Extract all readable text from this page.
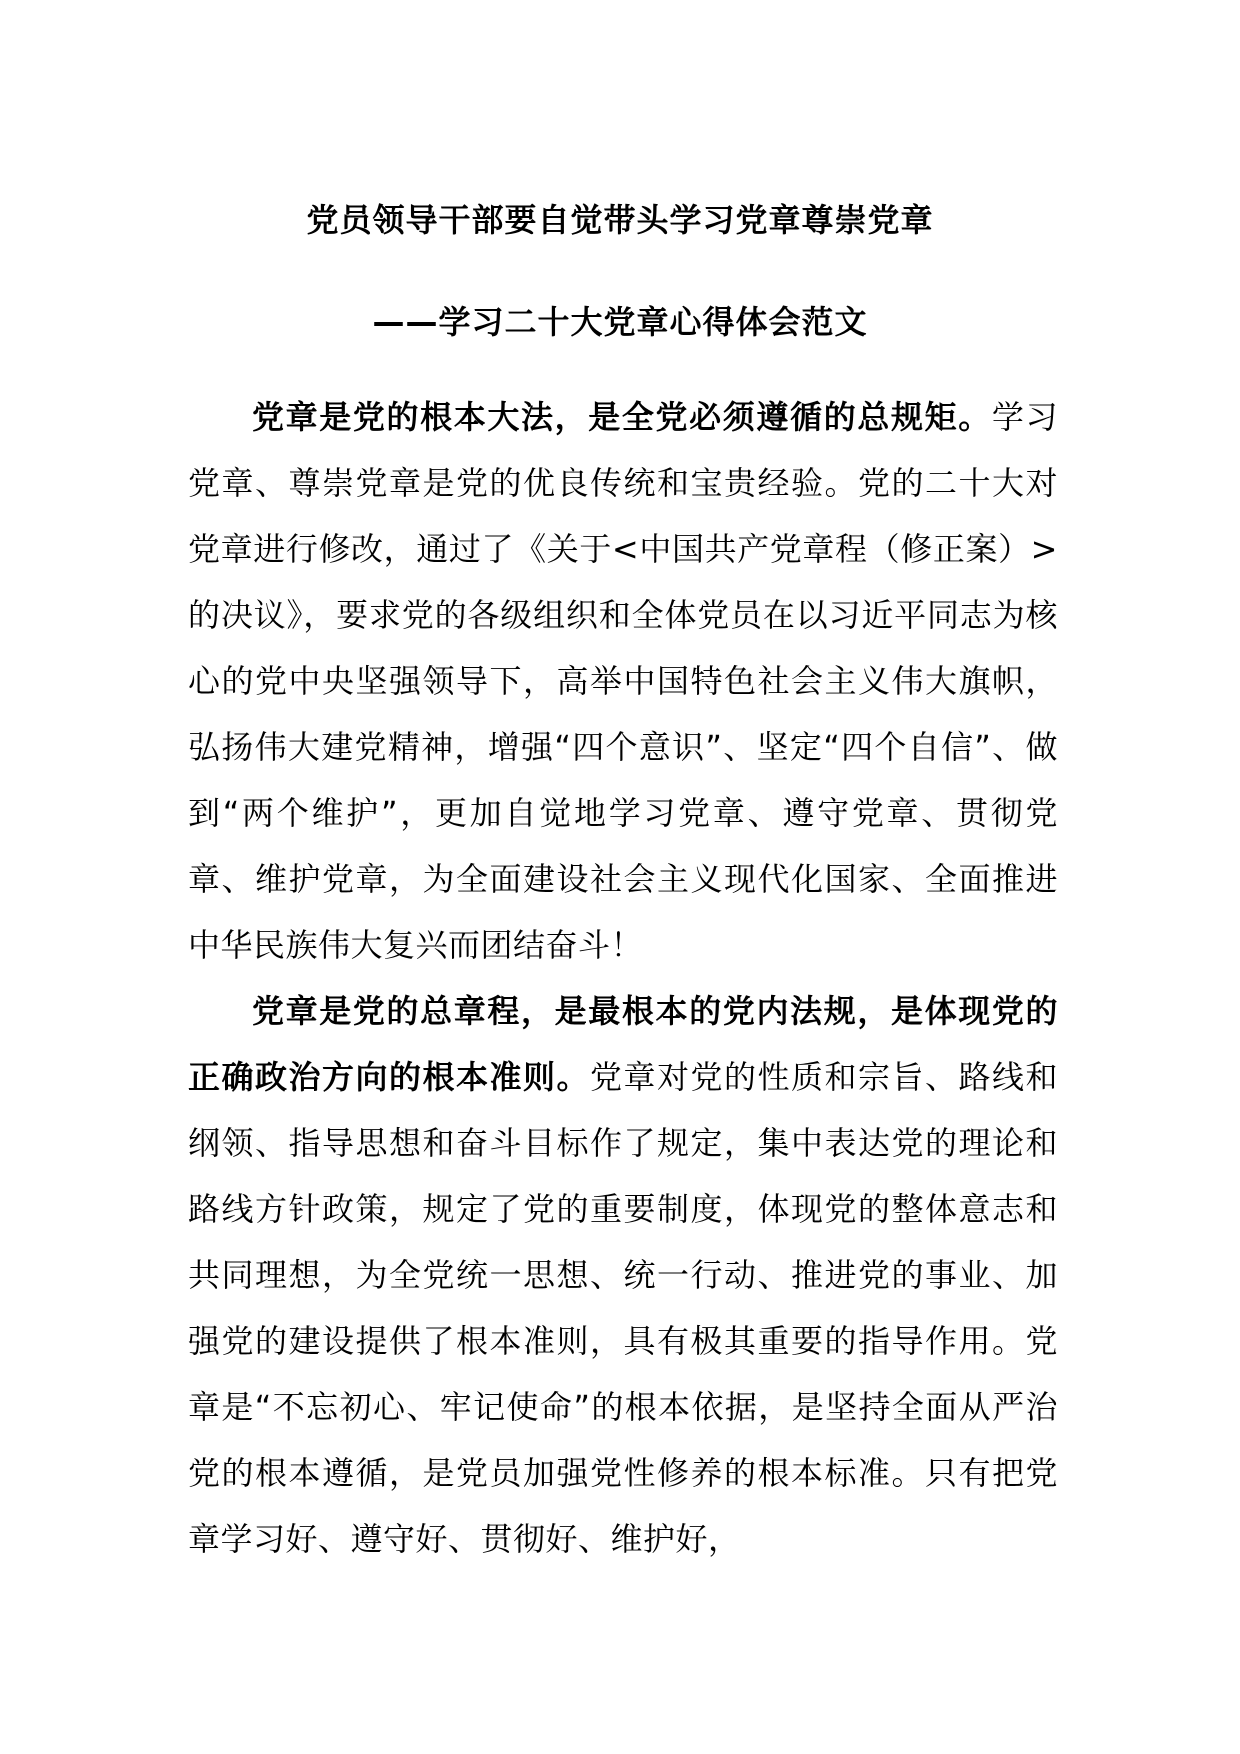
党员领导干部要自觉带头学习党章尊崇党章
——学习二十大党章心得体会范文

党章是党的根本大法，是全党必须遵循的总规矩。学习党章、尊崇党章是党的优良传统和宝贵经验。党的二十大对党章进行修改，通过了《关于<中国共产党章程（修正案）>的决议》，要求党的各级组织和全体党员在以习近平同志为核心的党中央坚强领导下，高举中国特色社会主义伟大旗帜，弘扬伟大建党精神，增强“四个意识”、坚定“四个自信”、做到“两个维护”，更加自觉地学习党章、遵守党章、贯彻党章、维护党章，为全面建设社会主义现代化国家、全面推进中华民族伟大复兴而团结奋斗！

党章是党的总章程，是最根本的党内法规，是体现党的正确政治方向的根本准则。党章对党的性质和宗旨、路线和纲领、指导思想和奋斗目标作了规定，集中表达党的理论和路线方针政策，规定了党的重要制度，体现党的整体意志和共同理想，为全党统一思想、统一行动、推进党的事业、加强党的建设提供了根本准则，具有极其重要的指导作用。党章是“不忘初心、牢记使命”的根本依据，是坚持全面从严治党的根本遵循，是党员加强党性修养的根本标准。只有把党章学习好、遵守好、贯彻好、维护好，
